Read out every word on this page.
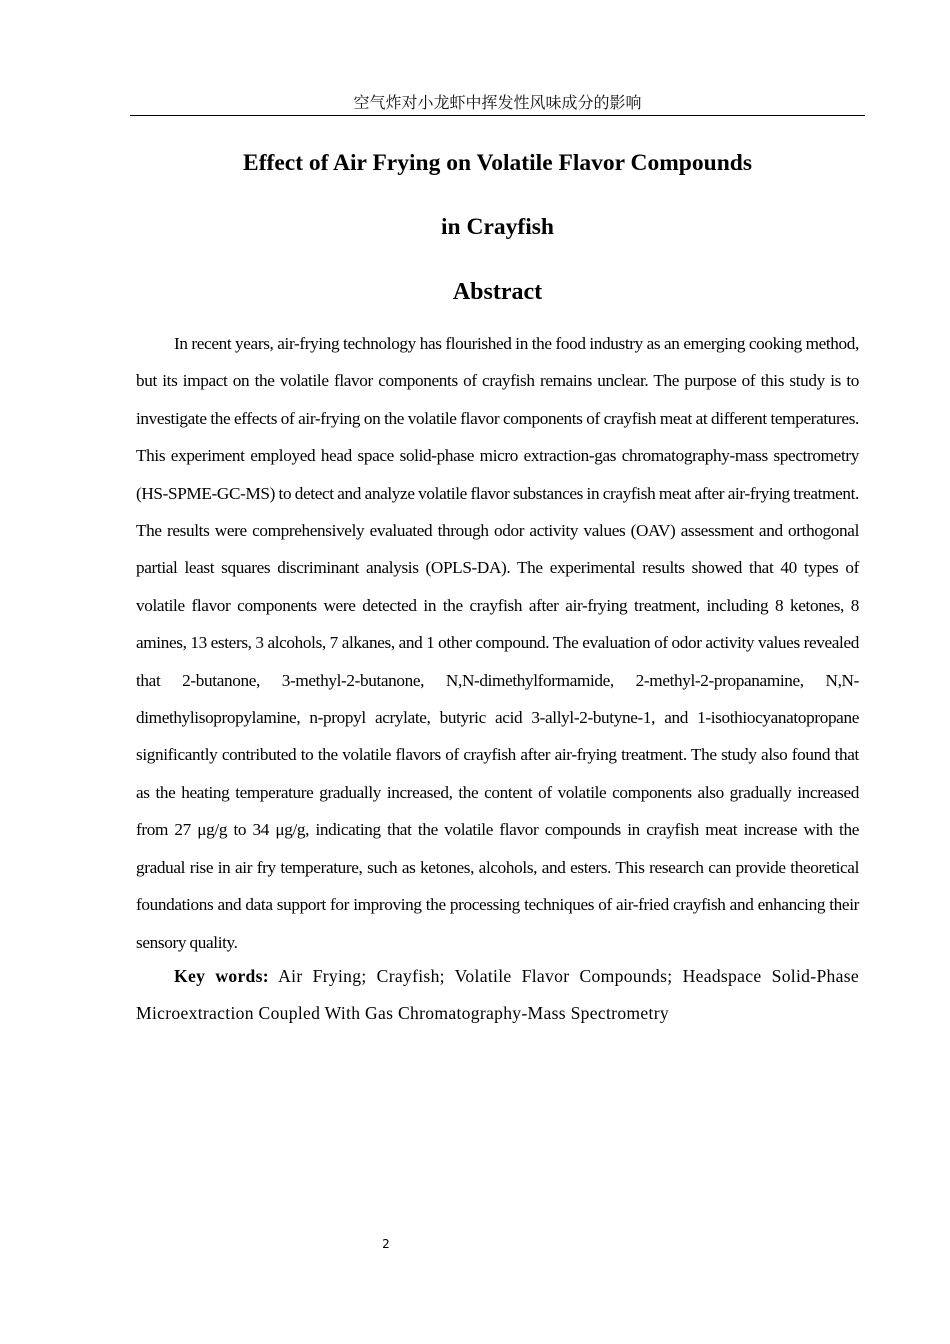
空气炸对小龙虾中挥发性风味成分的影响
Effect of Air Frying on Volatile Flavor Compounds
in Crayfish
Abstract

In recent years, air-frying technology has flourished in the food industry as an emerging cooking method, but its impact on the volatile flavor components of crayfish remains unclear. The purpose of this study is to investigate the effects of air-frying on the volatile flavor components of crayfish meat at different temperatures. This experiment employed head space solid-phase micro extraction-gas chromatography-mass spectrometry (HS-SPME-GC-MS) to detect and analyze volatile flavor substances in crayfish meat after air-frying treatment. The results were comprehensively evaluated through odor activity values (OAV) assessment and orthogonal partial least squares discriminant analysis (OPLS-DA). The experimental results showed that 40 types of volatile flavor components were detected in the crayfish after air-frying treatment, including 8 ketones, 8 amines, 13 esters, 3 alcohols, 7 alkanes, and 1 other compound. The evaluation of odor activity values revealed that 2-butanone, 3-methyl-2-butanone, N,N-dimethylformamide, 2-methyl-2-propanamine, N,N-dimethylisopropylamine, n-propyl acrylate, butyric acid 3-allyl-2-butyne-1, and 1-isothiocyanatopropane significantly contributed to the volatile flavors of crayfish after air-frying treatment. The study also found that as the heating temperature gradually increased, the content of volatile components also gradually increased from 27 μg/g to 34 μg/g, indicating that the volatile flavor compounds in crayfish meat increase with the gradual rise in air fry temperature, such as ketones, alcohols, and esters. This research can provide theoretical foundations and data support for improving the processing techniques of air-fried crayfish and enhancing their sensory quality.

Key words: Air Frying; Crayfish; Volatile Flavor Compounds; Headspace Solid-Phase Microextraction Coupled With Gas Chromatography-Mass Spectrometry

2
